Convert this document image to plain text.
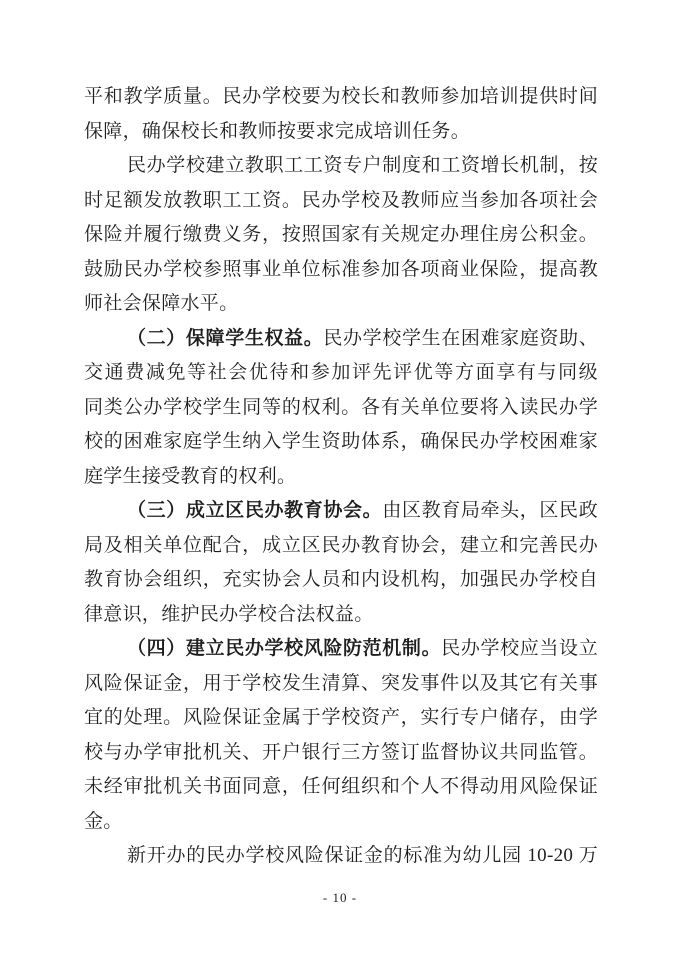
平和教学质量。民办学校要为校长和教师参加培训提供时间
保障，确保校长和教师按要求完成培训任务。
民办学校建立教职工工资专户制度和工资增长机制，按
时足额发放教职工工资。民办学校及教师应当参加各项社会
保险并履行缴费义务，按照国家有关规定办理住房公积金。
鼓励民办学校参照事业单位标准参加各项商业保险，提高教
师社会保障水平。
（二）保障学生权益。民办学校学生在困难家庭资助、
交通费减免等社会优待和参加评先评优等方面享有与同级
同类公办学校学生同等的权利。各有关单位要将入读民办学
校的困难家庭学生纳入学生资助体系，确保民办学校困难家
庭学生接受教育的权利。
（三）成立区民办教育协会。由区教育局牵头，区民政
局及相关单位配合，成立区民办教育协会，建立和完善民办
教育协会组织，充实协会人员和内设机构，加强民办学校自
律意识，维护民办学校合法权益。
（四）建立民办学校风险防范机制。民办学校应当设立
风险保证金，用于学校发生清算、突发事件以及其它有关事
宜的处理。风险保证金属于学校资产，实行专户储存，由学
校与办学审批机关、开户银行三方签订监督协议共同监管。
未经审批机关书面同意，任何组织和个人不得动用风险保证
金。
新开办的民办学校风险保证金的标准为幼儿园 10-20 万
- 10 -
